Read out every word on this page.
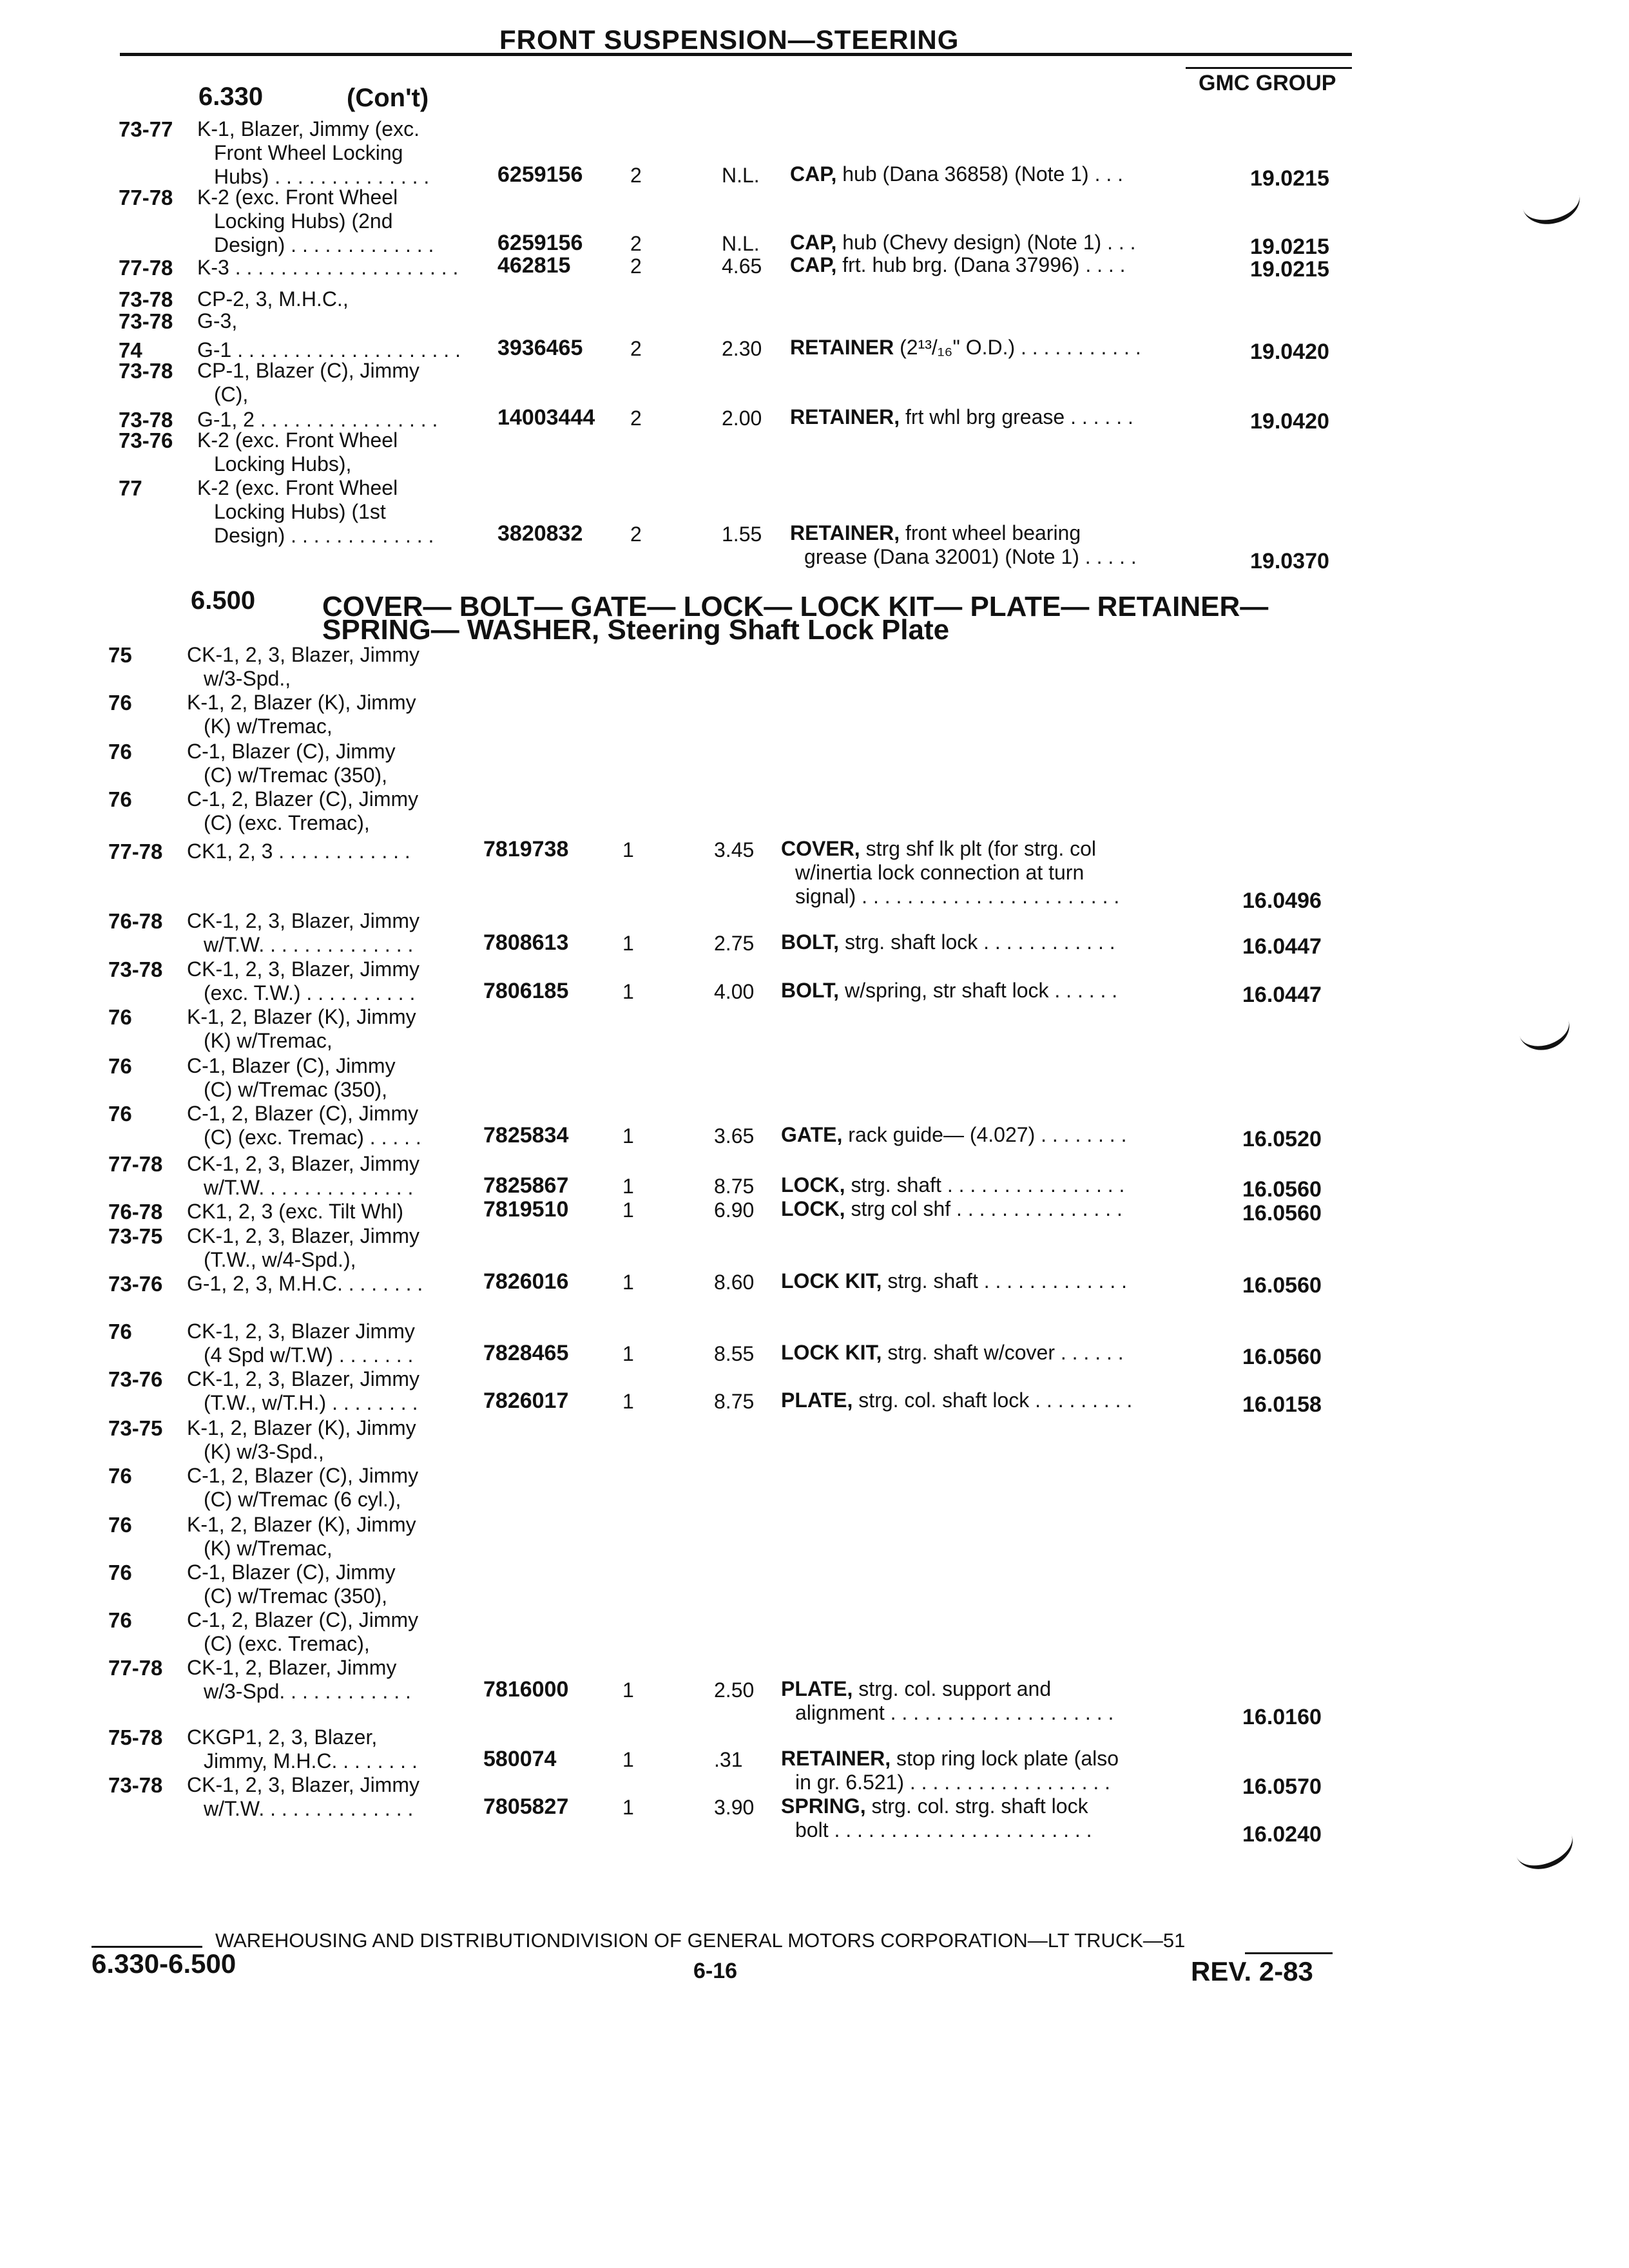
FRONT SUSPENSION—STEERING
GMC GROUP
6.330	(Con't)
73-77 K-1, Blazer, Jimmy (exc.
Front Wheel Locking
Hubs) . . . . . . . . . . . . . .	6259156 2	N.L. CAP, hub (Dana 36858) (Note 1) . . .	19.0215
77-78 K-2 (exc. Front Wheel
Locking Hubs) (2nd
Design) . . . . . . . . . . . . .	6259156 2	N.L. CAP, hub (Chevy design) (Note 1) . . .	19.0215
77-78 K-3 . . . . . . . . . . . . . . . . . . . . 462815	2	4.65 CAP, frt. hub brg. (Dana 37996) . . . .	19.0215
73-78 CP-2, 3, M.H.C.,
73-78 G-3,
74	G-1 . . . . . . . . . . . . . . . . . . . . 3936465 2	2.30 RETAINER (2¹³/₁₆" O.D.) . . . . . . . . . . .	19.0420
73-78 CP-1, Blazer (C), Jimmy
(C),
73-78 G-1, 2 . . . . . . . . . . . . . . . .	14003444 2	2.00 RETAINER, frt whl brg grease . . . . . .	19.0420
73-76 K-2 (exc. Front Wheel
Locking Hubs),
77	K-2 (exc. Front Wheel
Locking Hubs) (1st
Design) . . . . . . . . . . . . .	3820832 2	1.55 RETAINER, front wheel bearing
grease (Dana 32001) (Note 1) . . . . .	19.0370
6.500 COVER— BOLT— GATE— LOCK— LOCK KIT— PLATE— RETAINER—
SPRING— WASHER, Steering Shaft Lock Plate
75	CK-1, 2, 3, Blazer, Jimmy
w/3-Spd.,
76	K-1, 2, Blazer (K), Jimmy
(K) w/Tremac,
76	C-1, Blazer (C), Jimmy
(C) w/Tremac (350),
76	C-1, 2, Blazer (C), Jimmy
(C) (exc. Tremac),
77-78 CK1, 2, 3 . . . . . . . . . . . .	7819738	1	3.45 COVER, strg shf lk plt (for strg. col
w/inertia lock connection at turn
signal) . . . . . . . . . . . . . . . . . . . . . . .	16.0496
76-78 CK-1, 2, 3, Blazer, Jimmy
w/T.W. . . . . . . . . . . . . .	7808613	1	2.75 BOLT, strg. shaft lock . . . . . . . . . . . .	16.0447
73-78 CK-1, 2, 3, Blazer, Jimmy
(exc. T.W.) . . . . . . . . . .	7806185	1	4.00 BOLT, w/spring, str shaft lock . . . . . .	16.0447
76	K-1, 2, Blazer (K), Jimmy
(K) w/Tremac,
76	C-1, Blazer (C), Jimmy
(C) w/Tremac (350),
76	C-1, 2, Blazer (C), Jimmy
(C) (exc. Tremac) . . . . .	7825834	1	3.65 GATE, rack guide— (4.027) . . . . . . . .	16.0520
77-78 CK-1, 2, 3, Blazer, Jimmy
w/T.W. . . . . . . . . . . . . .	7825867	1	8.75 LOCK, strg. shaft . . . . . . . . . . . . . . . .	16.0560
76-78 CK1, 2, 3 (exc. Tilt Whl)	7819510	1	6.90 LOCK, strg col shf . . . . . . . . . . . . . . .	16.0560
73-75 CK-1, 2, 3, Blazer, Jimmy
(T.W., w/4-Spd.),
73-76 G-1, 2, 3, M.H.C. . . . . . . .	7826016	1	8.60 LOCK KIT, strg. shaft . . . . . . . . . . . . .	16.0560
76	CK-1, 2, 3, Blazer Jimmy
(4 Spd w/T.W) . . . . . . .	7828465	1	8.55 LOCK KIT, strg. shaft w/cover . . . . . .	16.0560
73-76 CK-1, 2, 3, Blazer, Jimmy
(T.W., w/T.H.) . . . . . . . .	7826017	1	8.75 PLATE, strg. col. shaft lock . . . . . . . . .	16.0158
73-75 K-1, 2, Blazer (K), Jimmy
(K) w/3-Spd.,
76	C-1, 2, Blazer (C), Jimmy
(C) w/Tremac (6 cyl.),
76	K-1, 2, Blazer (K), Jimmy
(K) w/Tremac,
76	C-1, Blazer (C), Jimmy
(C) w/Tremac (350),
76	C-1, 2, Blazer (C), Jimmy
(C) (exc. Tremac),
77-78 CK-1, 2, Blazer, Jimmy
w/3-Spd. . . . . . . . . . . .	7816000	1	2.50 PLATE, strg. col. support and
alignment . . . . . . . . . . . . . . . . . . . .	16.0160
75-78 CKGP1, 2, 3, Blazer,
Jimmy, M.H.C. . . . . . . .	580074	1	.31 RETAINER, stop ring lock plate (also
in gr. 6.521) . . . . . . . . . . . . . . . . . .	16.0570
73-78 CK-1, 2, 3, Blazer, Jimmy
w/T.W. . . . . . . . . . . . . .	7805827	1	3.90 SPRING, strg. col. strg. shaft lock
bolt . . . . . . . . . . . . . . . . . . . . . . .	16.0240
WAREHOUSING AND DISTRIBUTIONDIVISION OF GENERAL MOTORS CORPORATION—LT TRUCK—51
6.330-6.500	6-16	REV. 2-83
